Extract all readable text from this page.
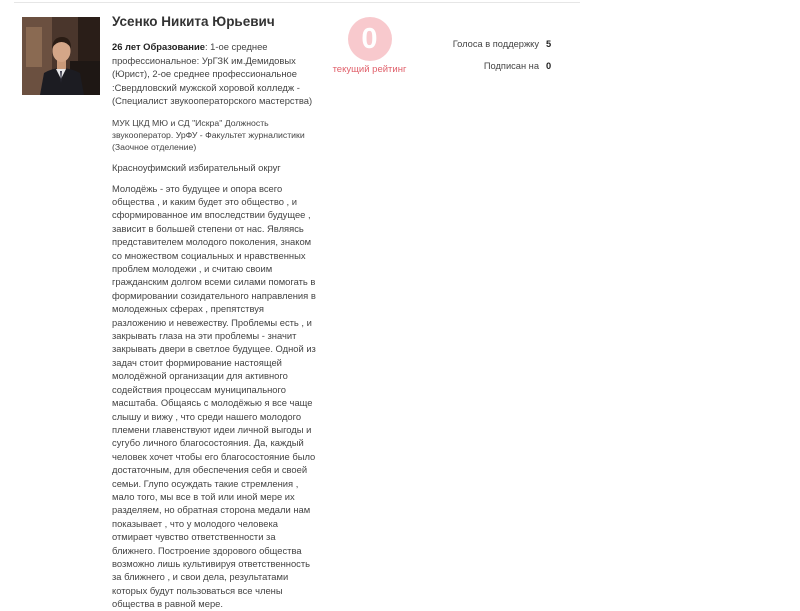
Усенко Никита Юрьевич

26 лет Образование: 1-ое среднее профессиональное: УрГЗК им.Демидовых (Юрист), 2-ое среднее профессиональное :Свердловский мужской хоровой колледж - (Специалист звукооператорского мастерства)

МУК ЦКД МЮ и СД "Искра" Должность звукооператор. УрФУ - Факультет журналистики (Заочное отделение)

Красноуфимский избирательный округ

Молодёжь - это будущее и опора всего общества , и каким будет это общество , и сформированное им впоследствии будущее , зависит в большей степени от нас. Являясь представителем молодого поколения, знаком со множеством социальных и нравственных проблем молодежи , и считаю своим гражданским долгом всеми силами помогать в формировании созидательного направления в молодежных сферах , препятствуя разложению и невежеству. Проблемы есть , и закрывать глаза на эти проблемы - значит закрывать двери в светлое будущее. Одной из задач стоит формирование настоящей молодёжной организации для активного содействия процессам муниципального масштаба. Общаясь с молодёжью я все чаще слышу и вижу , что среди нашего молодого племени главенствуют идеи личной выгоды и сугубо личного благосостояния. Да, каждый человек хочет чтобы его благосостояние было достаточным, для обеспечения себя и своей семьи. Глупо осуждать такие стремления , мало того, мы все в той или иной мере их разделяем, но обратная сторона медали нам показывает , что у молодого человека отмирает чувство ответственности за ближнего. Построение здорового общества возможно лишь культивируя ответственность за ближнего , и свои дела, результатами которых будут пользоваться все члены общества в равной мере.

0
текущий рейтинг
Голоса в поддержку 5
Подписан на 0
